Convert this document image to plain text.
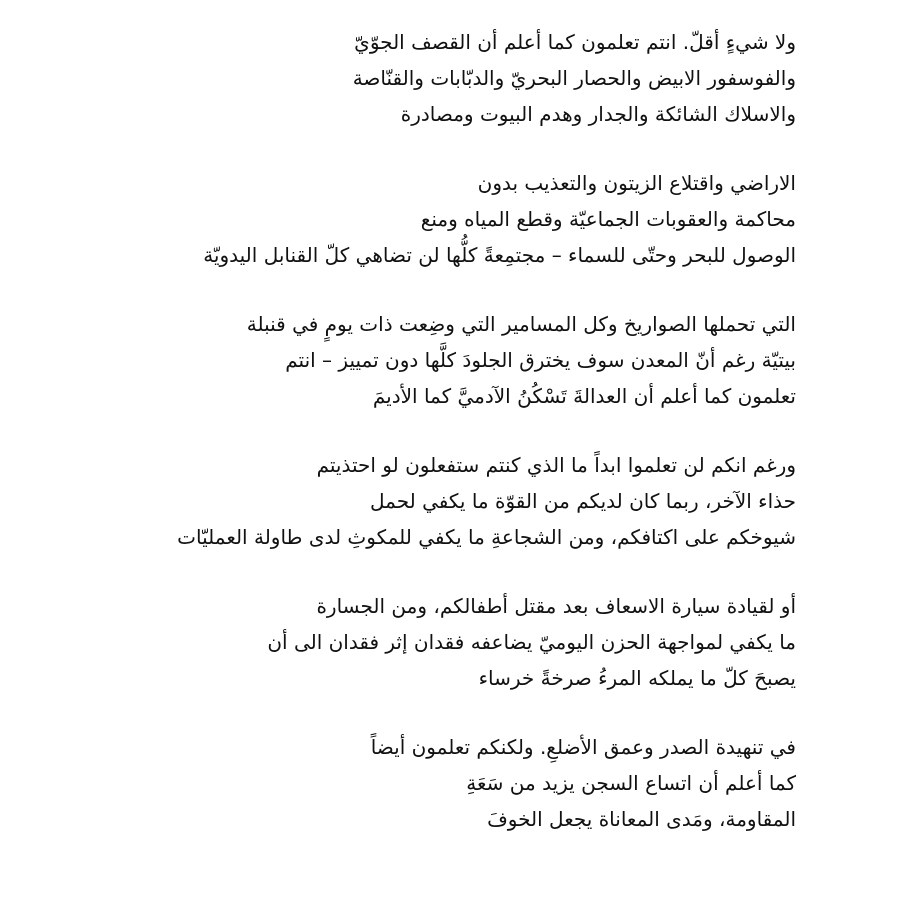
ولا شيءٍ أقلّ. انتم تعلمون كما أعلم أن القصف الجوّيّ
والفوسفور الابيض والحصار البحريّ والدبّابات والقنّاصة
والاسلاك الشائكة والجدار وهدم البيوت ومصادرة
الاراضي واقتلاع الزيتون والتعذيب بدون
محاكمة والعقوبات الجماعيّة وقطع المياه ومنع
الوصول للبحر وحتّى للسماء – مجتمِعةً كلُّها لن تضاهي كلّ القنابل اليدويّة
التي تحملها الصواريخ وكل المسامير التي وضِعت ذات يومٍ في قنبلة
بيتيّة رغم أنّ المعدن سوف يخترق الجلودَ كلَّها دون تمييز – انتم
تعلمون كما أعلم أن العدالةَ تَسْكُنُ الآدميَّ كما الأديمَ
ورغم انكم لن تعلموا ابداً ما الذي كنتم ستفعلون لو احتذيتم
حذاء الآخر، ربما كان لديكم من القوّة ما يكفي لحمل
شيوخكم على اكتافكم، ومن الشجاعةِ ما يكفي للمكوثِ لدى طاولة العمليّات
أو لقيادة سيارة الاسعاف بعد مقتل أطفالكم، ومن الجسارة
ما يكفي لمواجهة الحزن اليوميّ يضاعفه فقدان إثر فقدان الى أن
يصبحَ كلّ ما يملكه المرءُ صرخةً خرساء
في تنهيدة الصدر وعمق الأضلعِ. ولكنكم تعلمون أيضاً
كما أعلم أن اتساع السجن يزيد من سَعَةِ
المقاومة، ومَدى المعاناة يجعل الخوفَ
